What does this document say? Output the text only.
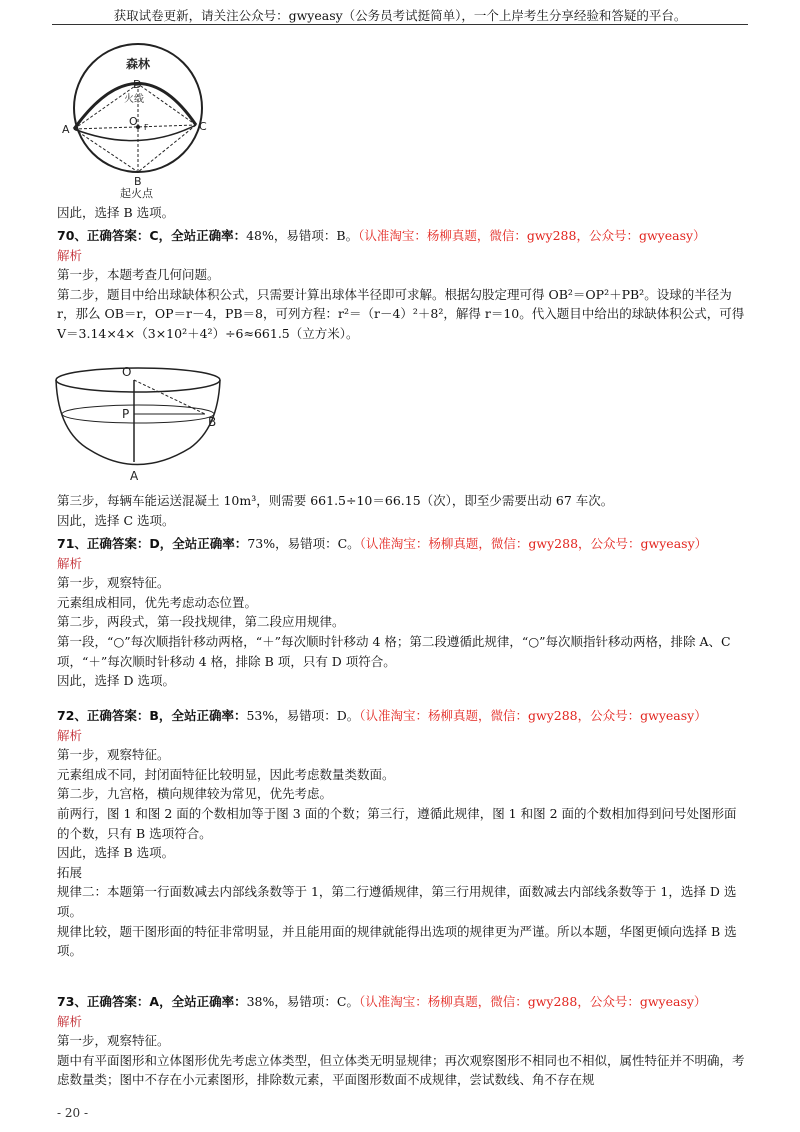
获取试卷更新，请关注公众号：gwyeasy（公务员考试挺简单），一个上岸考生分享经验和答疑的平台。
森林
D
火线
O F
A	C
B
起火点
O
P
B
A

因此，选择 B 选项。

70、正确答案：C，全站正确率：48%，易错项：B。（认准淘宝：杨柳真题，微信：gwy288，公众号：gwyeasy）

解析

第一步，本题考查几何问题。

第二步，题目中给出球缺体积公式，只需要计算出球体半径即可求解。根据勾股定理可得 OB²＝OP²＋PB²。设球的半径为 r，那么 OB＝r，OP＝r－4，PB＝8，可列方程：r²＝（r－4）²＋8²，解得 r＝10。代入题目中给出的球缺体积公式，可得 V＝3.14×4×（3×10²＋4²）÷6≈661.5（立方米）。

第三步，每辆车能运送混凝土 10m³，则需要 661.5÷10＝66.15（次），即至少需要出动 67 车次。

因此，选择 C 选项。

71、正确答案：D，全站正确率：73%，易错项：C。（认准淘宝：杨柳真题，微信：gwy288，公众号：gwyeasy）

解析

第一步，观察特征。

元素组成相同，优先考虑动态位置。

第二步，两段式，第一段找规律，第二段应用规律。

第一段，“○”每次顺指针移动两格，“＋”每次顺时针移动 4 格；第二段遵循此规律，“○”每次顺指针移动两格，排除 A、C 项，“＋”每次顺时针移动 4 格，排除 B 项，只有 D 项符合。

因此，选择 D 选项。

72、正确答案：B，全站正确率：53%，易错项：D。（认准淘宝：杨柳真题，微信：gwy288，公众号：gwyeasy）

解析

第一步，观察特征。

元素组成不同，封闭面特征比较明显，因此考虑数量类数面。

第二步，九宫格，横向规律较为常见，优先考虑。

前两行，图 1 和图 2 面的个数相加等于图 3 面的个数；第三行，遵循此规律，图 1 和图 2 面的个数相加得到问号处图形面的个数，只有 B 选项符合。

因此，选择 B 选项。

拓展

规律二：本题第一行面数减去内部线条数等于 1，第二行遵循规律，第三行用规律，面数减去内部线条数等于 1，选择 D 选项。

规律比较，题干图形面的特征非常明显，并且能用面的规律就能得出选项的规律更为严谨。所以本题，华图更倾向选择 B 选项。

73、正确答案：A，全站正确率：38%，易错项：C。（认准淘宝：杨柳真题，微信：gwy288，公众号：gwyeasy）

解析

第一步，观察特征。

题中有平面图形和立体图形优先考虑立体类型，但立体类无明显规律；再次观察图形不相同也不相似，属性特征并不明确，考虑数量类；图中不存在小元素图形，排除数元素，平面图形数面不成规律，尝试数线、角不存在规

- 20 -
